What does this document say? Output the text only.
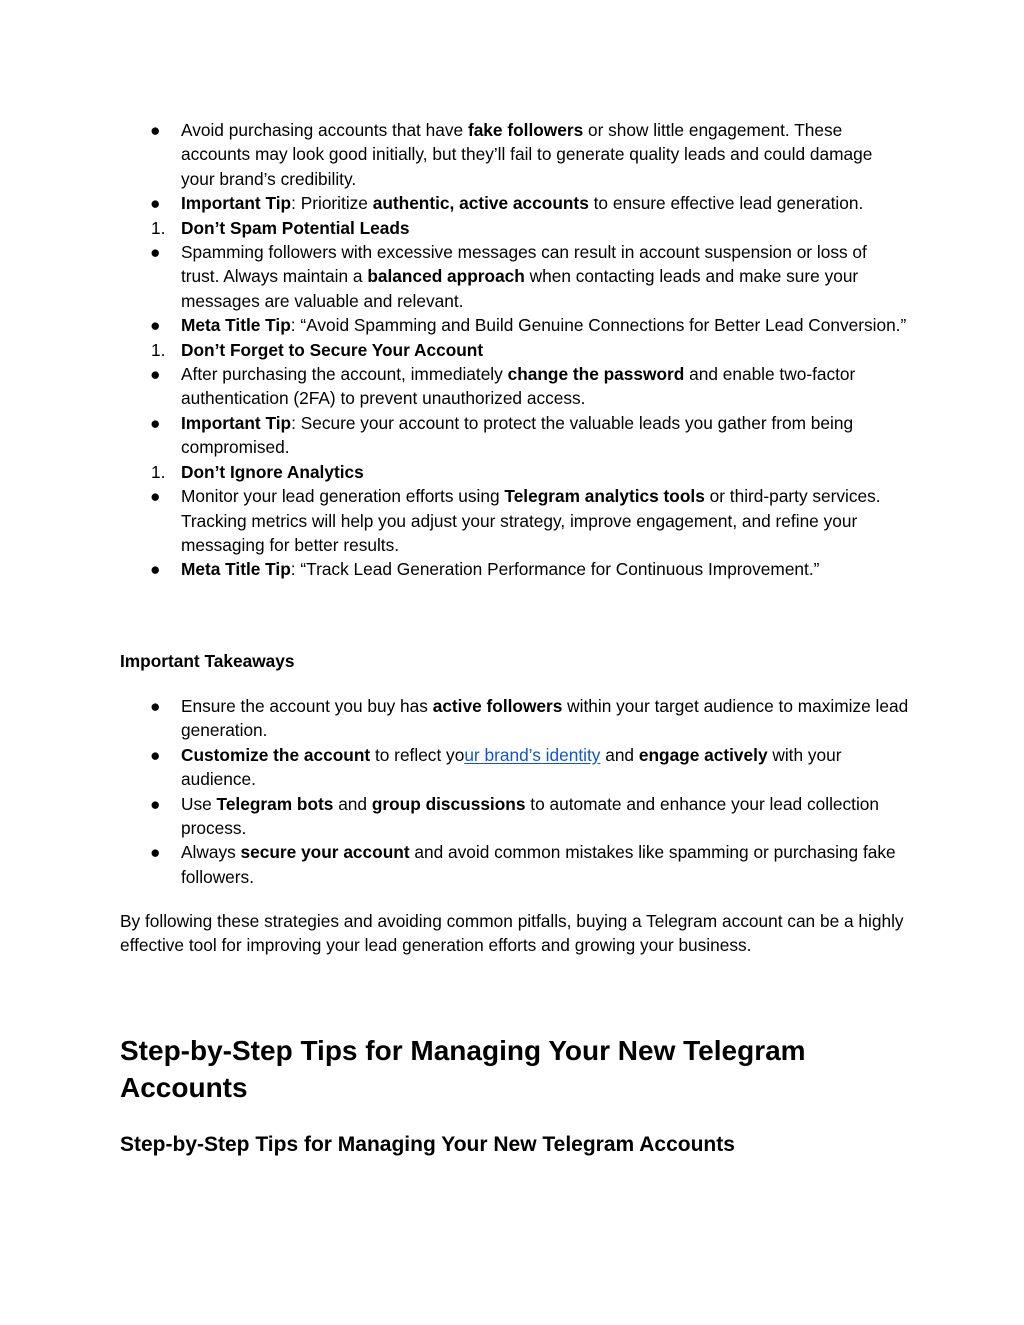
●	Avoid purchasing accounts that have fake followers or show little engagement. These accounts may look good initially, but they’ll fail to generate quality leads and could damage your brand’s credibility.
●	Important Tip: Prioritize authentic, active accounts to ensure effective lead generation.
1. Don’t Spam Potential Leads
●	Spamming followers with excessive messages can result in account suspension or loss of trust. Always maintain a balanced approach when contacting leads and make sure your messages are valuable and relevant.
●	Meta Title Tip: “Avoid Spamming and Build Genuine Connections for Better Lead Conversion.”
1. Don’t Forget to Secure Your Account
●	After purchasing the account, immediately change the password and enable two-factor authentication (2FA) to prevent unauthorized access.
●	Important Tip: Secure your account to protect the valuable leads you gather from being compromised.
1. Don’t Ignore Analytics
●	Monitor your lead generation efforts using Telegram analytics tools or third-party services. Tracking metrics will help you adjust your strategy, improve engagement, and refine your messaging for better results.
●	Meta Title Tip: “Track Lead Generation Performance for Continuous Improvement.”

Important Takeaways

●	Ensure the account you buy has active followers within your target audience to maximize lead generation.
●	Customize the account to reflect your brand’s identity and engage actively with your audience.
●	Use Telegram bots and group discussions to automate and enhance your lead collection process.
●	Always secure your account and avoid common mistakes like spamming or purchasing fake followers.

By following these strategies and avoiding common pitfalls, buying a Telegram account can be a highly effective tool for improving your lead generation efforts and growing your business.

Step-by-Step Tips for Managing Your New Telegram Accounts
Step-by-Step Tips for Managing Your New Telegram Accounts
